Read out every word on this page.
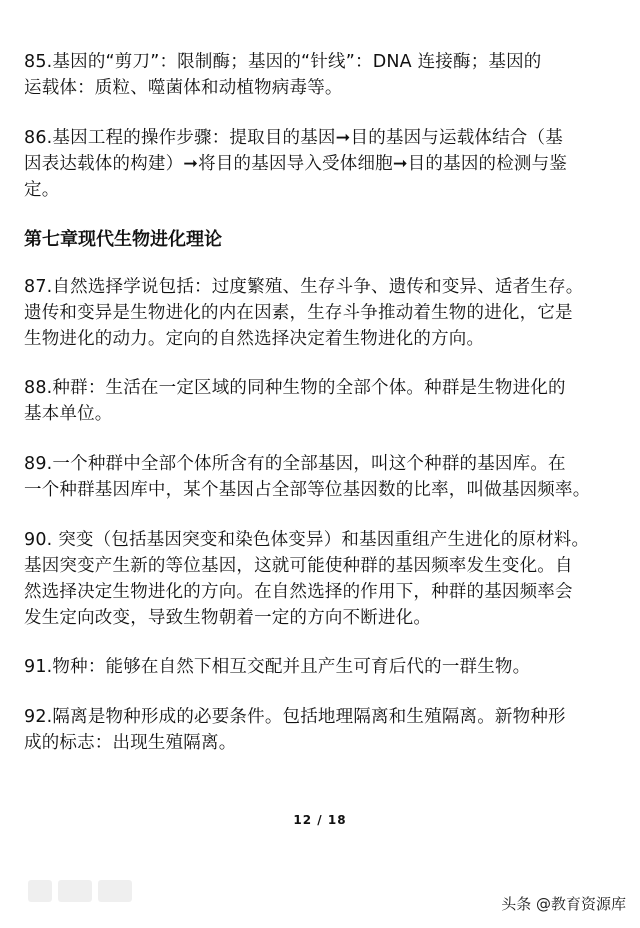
85.基因的“剪刀”：限制酶；基因的“针线”：DNA 连接酶；基因的
运载体：质粒、噬菌体和动植物病毒等。

86.基因工程的操作步骤：提取目的基因➞目的基因与运载体结合（基
因表达载体的构建）➞将目的基因导入受体细胞➞目的基因的检测与鉴
定。

第七章现代生物进化理论

87.自然选择学说包括：过度繁殖、生存斗争、遗传和变异、适者生存。
遗传和变异是生物进化的内在因素，生存斗争推动着生物的进化，它是
生物进化的动力。定向的自然选择决定着生物进化的方向。

88.种群：生活在一定区域的同种生物的全部个体。种群是生物进化的
基本单位。

89.一个种群中全部个体所含有的全部基因，叫这个种群的基因库。在
一个种群基因库中，某个基因占全部等位基因数的比率，叫做基因频率。

90. 突变（包括基因突变和染色体变异）和基因重组产生进化的原材料。
基因突变产生新的等位基因，这就可能使种群的基因频率发生变化。自
然选择决定生物进化的方向。在自然选择的作用下，种群的基因频率会
发生定向改变，导致生物朝着一定的方向不断进化。

91.物种：能够在自然下相互交配并且产生可育后代的一群生物。

92.隔离是物种形成的必要条件。包括地理隔离和生殖隔离。新物种形
成的标志：出现生殖隔离。

12 / 18
头条 @教育资源库
